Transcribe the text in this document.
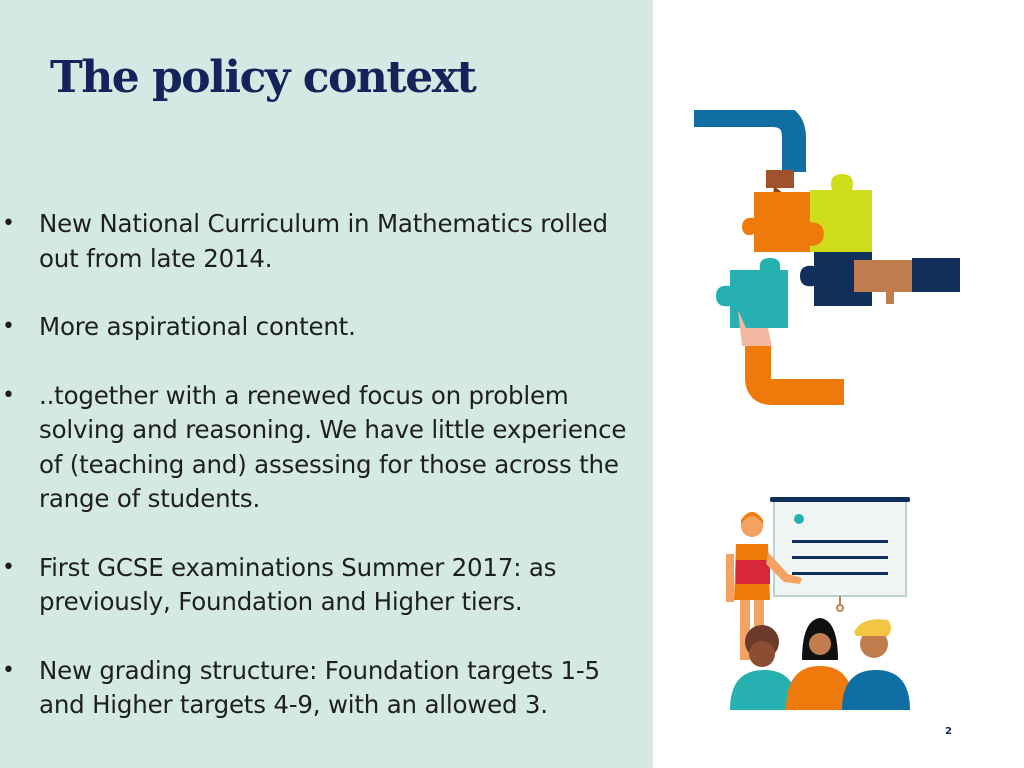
The policy context
• New National Curriculum in Mathematics rolled out from late 2014.
• More aspirational content.
• ..together with a renewed focus on problem solving and reasoning. We have little experience of (teaching and) assessing for those across the range of students.
• First GCSE examinations Summer 2017: as previously, Foundation and Higher tiers.
• New grading structure: Foundation targets 1-5 and Higher targets 4-9, with an allowed 3.
2
